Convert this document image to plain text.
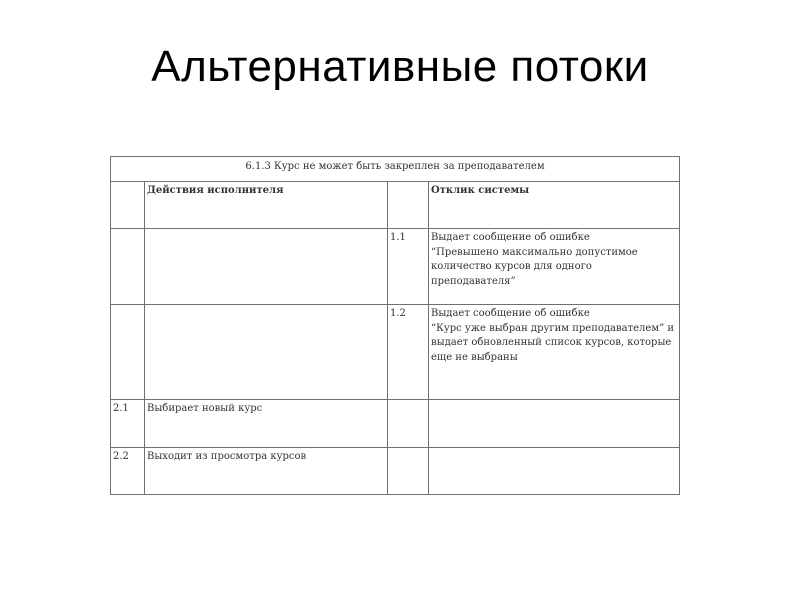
Альтернативные потоки
6.1.3 Курс не может быть закреплен за преподавателем			
	Действия исполнителя		Отклик системы
		1.1	Выдает сообщение об ошибке
“Превышено максимально допустимое количество курсов для одного преподавателя”

		1.2	Выдает сообщение об ошибке
“Курс уже выбран другим преподавателем” и выдает обновленный список курсов, которые еще не выбраны

2.1	Выбирает новый курс		

2.2	Выходит из просмотра курсов		
